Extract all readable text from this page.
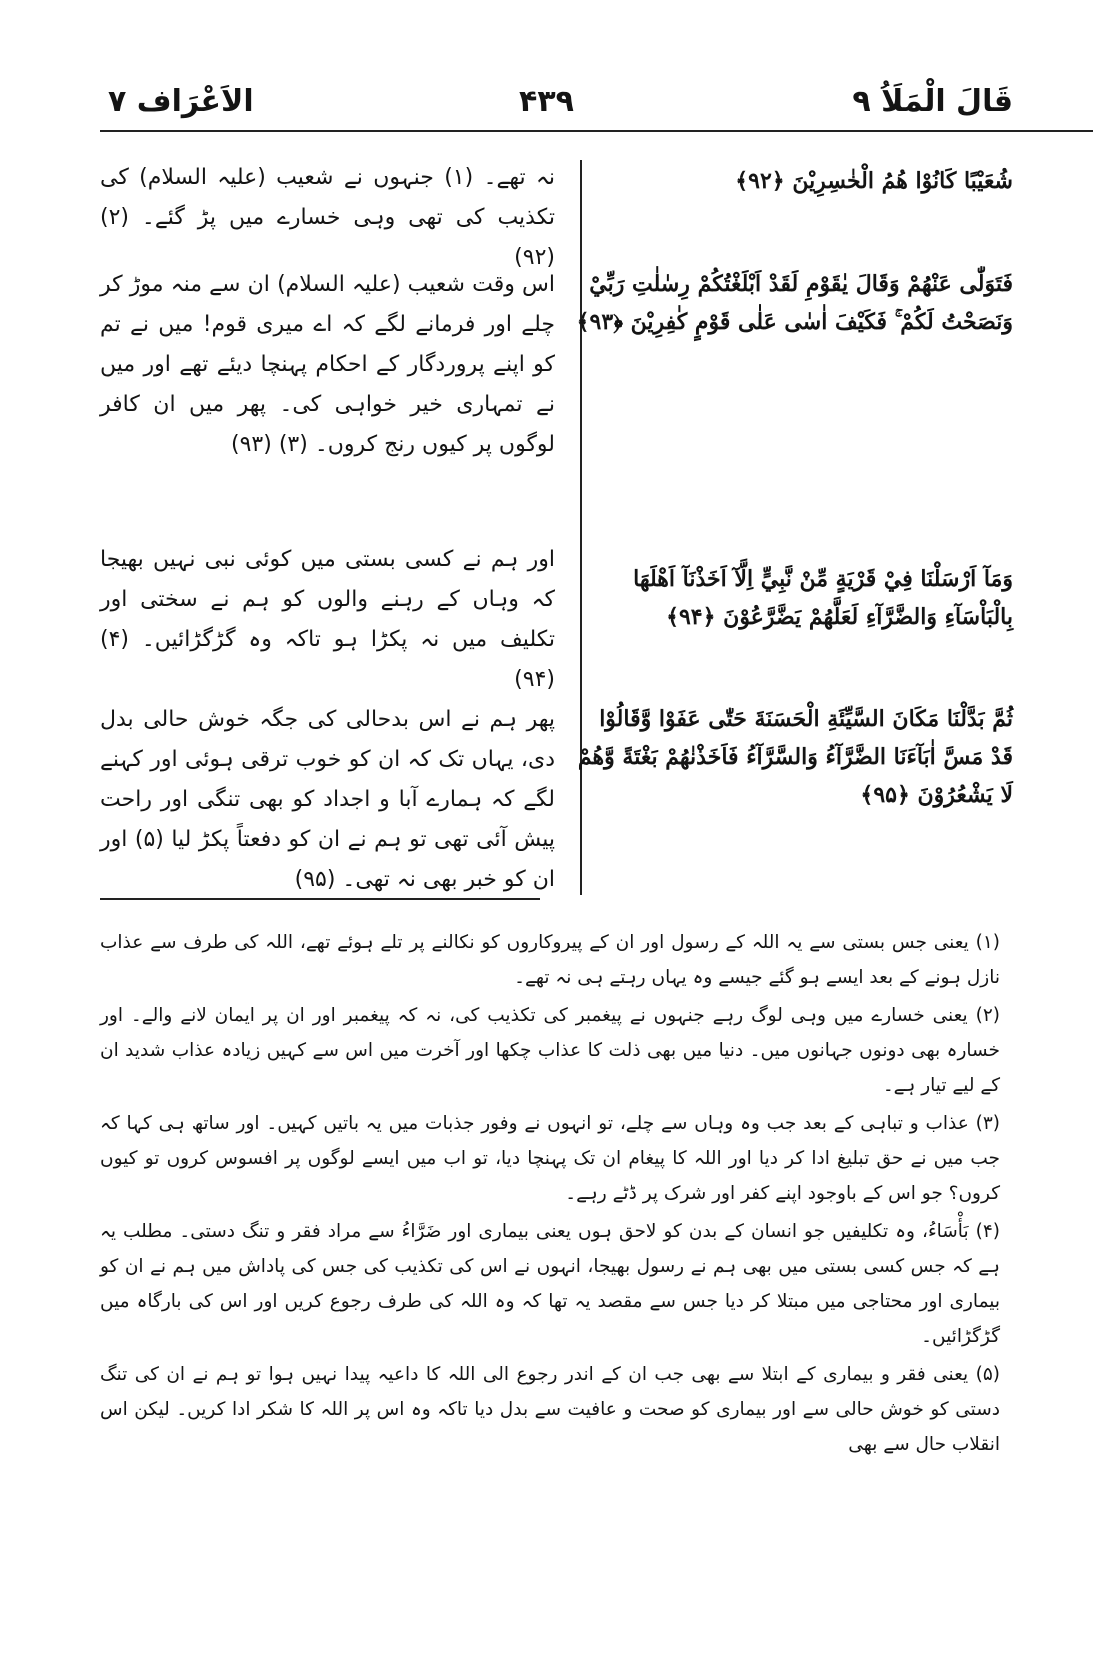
قَالَ الْمَلَاُ ۹
۴۳۹
الاَعْرَاف ۷
شُعَيْبًا كَانُوْا هُمُ الْخٰسِرِيْنَ ﴿۹۲﴾
فَتَوَلّٰى عَنْهُمْ وَقَالَ يٰقَوْمِ لَقَدْ اَبْلَغْتُكُمْ رِسٰلٰتِ رَبِّيْ وَنَصَحْتُ لَكُمْ ۚ فَكَيْفَ اٰسٰى عَلٰى قَوْمٍ كٰفِرِيْنَ ﴿۹۳﴾
وَمَآ اَرْسَلْنَا فِيْ قَرْيَةٍ مِّنْ نَّبِيٍّ اِلَّآ اَخَذْنَآ اَهْلَهَا بِالْبَاْسَآءِ وَالضَّرَّآءِ لَعَلَّهُمْ يَضَّرَّعُوْنَ ﴿۹۴﴾
ثُمَّ بَدَّلْنَا مَكَانَ السَّيِّئَةِ الْحَسَنَةَ حَتّٰى عَفَوْا وَّقَالُوْا قَدْ مَسَّ اٰبَآءَنَا الضَّرَّآءُ وَالسَّرَّآءُ فَاَخَذْنٰهُمْ بَغْتَةً وَّهُمْ لَا يَشْعُرُوْنَ ﴿۹۵﴾
نہ تھے۔ (۱) جنہوں نے شعیب (علیہ السلام) کی تکذیب کی تھی وہی خسارے میں پڑ گئے۔ (۲) (۹۲)
اس وقت شعیب (علیہ السلام) ان سے منہ موڑ کر چلے اور فرمانے لگے کہ اے میری قوم! میں نے تم کو اپنے پروردگار کے احکام پہنچا دیئے تھے اور میں نے تمہاری خیر خواہی کی۔ پھر میں ان کافر لوگوں پر کیوں رنج کروں۔ (۳) (۹۳)
اور ہم نے کسی بستی میں کوئی نبی نہیں بھیجا کہ وہاں کے رہنے والوں کو ہم نے سختی اور تکلیف میں نہ پکڑا ہو تاکہ وہ گڑگڑائیں۔ (۴) (۹۴)
پھر ہم نے اس بدحالی کی جگہ خوش حالی بدل دی، یہاں تک کہ ان کو خوب ترقی ہوئی اور کہنے لگے کہ ہمارے آبا و اجداد کو بھی تنگی اور راحت پیش آئی تھی تو ہم نے ان کو دفعتاً پکڑ لیا (۵) اور ان کو خبر بھی نہ تھی۔ (۹۵)

(۱) یعنی جس بستی سے یہ اللہ کے رسول اور ان کے پیروکاروں کو نکالنے پر تلے ہوئے تھے، اللہ کی طرف سے عذاب نازل ہونے کے بعد ایسے ہو گئے جیسے وہ یہاں رہتے ہی نہ تھے۔

(۲) یعنی خسارے میں وہی لوگ رہے جنہوں نے پیغمبر کی تکذیب کی، نہ کہ پیغمبر اور ان پر ایمان لانے والے۔ اور خسارہ بھی دونوں جہانوں میں۔ دنیا میں بھی ذلت کا عذاب چکھا اور آخرت میں اس سے کہیں زیادہ عذاب شدید ان کے لیے تیار ہے۔

(۳) عذاب و تباہی کے بعد جب وہ وہاں سے چلے، تو انہوں نے وفور جذبات میں یہ باتیں کہیں۔ اور ساتھ ہی کہا کہ جب میں نے حق تبلیغ ادا کر دیا اور اللہ کا پیغام ان تک پہنچا دیا، تو اب میں ایسے لوگوں پر افسوس کروں تو کیوں کروں؟ جو اس کے باوجود اپنے کفر اور شرک پر ڈٹے رہے۔

(۴) بَأْسَاءُ، وہ تکلیفیں جو انسان کے بدن کو لاحق ہوں یعنی بیماری اور ضَرَّاءُ سے مراد فقر و تنگ دستی۔ مطلب یہ ہے کہ جس کسی بستی میں بھی ہم نے رسول بھیجا، انہوں نے اس کی تکذیب کی جس کی پاداش میں ہم نے ان کو بیماری اور محتاجی میں مبتلا کر دیا جس سے مقصد یہ تھا کہ وہ اللہ کی طرف رجوع کریں اور اس کی بارگاہ میں گڑگڑائیں۔

(۵) یعنی فقر و بیماری کے ابتلا سے بھی جب ان کے اندر رجوع الی اللہ کا داعیہ پیدا نہیں ہوا تو ہم نے ان کی تنگ دستی کو خوش حالی سے اور بیماری کو صحت و عافیت سے بدل دیا تاکہ وہ اس پر اللہ کا شکر ادا کریں۔ لیکن اس انقلاب حال سے بھی
